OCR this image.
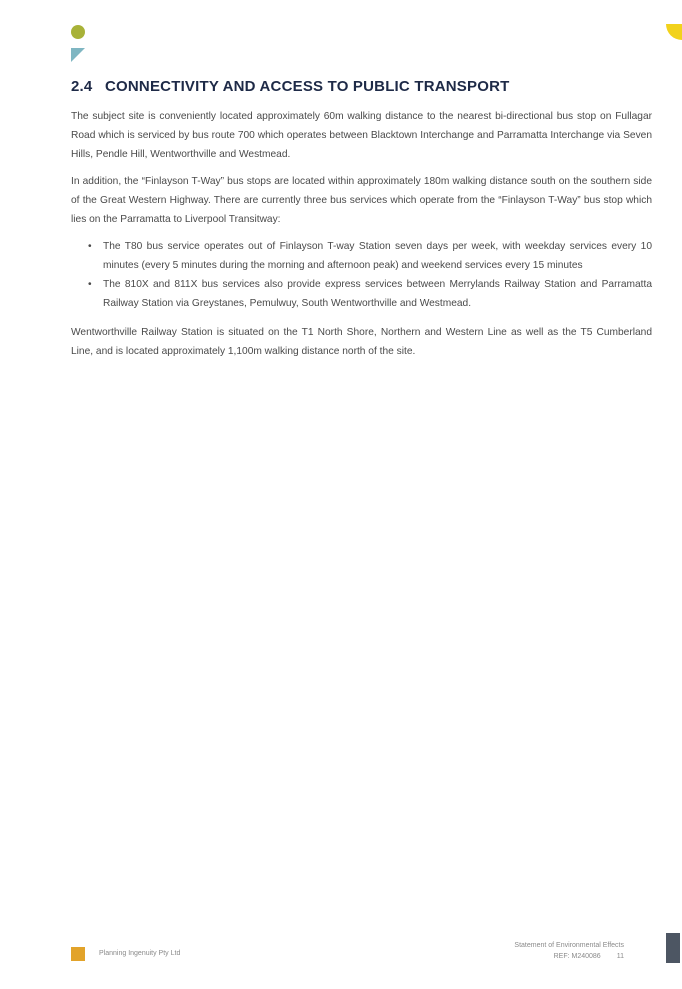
2.4 CONNECTIVITY AND ACCESS TO PUBLIC TRANSPORT

The subject site is conveniently located approximately 60m walking distance to the nearest bi-directional bus stop on Fullagar Road which is serviced by bus route 700 which operates between Blacktown Interchange and Parramatta Interchange via Seven Hills, Pendle Hill, Wentworthville and Westmead.

In addition, the “Finlayson T-Way” bus stops are located within approximately 180m walking distance south on the southern side of the Great Western Highway. There are currently three bus services which operate from the “Finlayson T-Way” bus stop which lies on the Parramatta to Liverpool Transitway:

• The T80 bus service operates out of Finlayson T-way Station seven days per week, with weekday services every 10 minutes (every 5 minutes during the morning and afternoon peak) and weekend services every 15 minutes
• The 810X and 811X bus services also provide express services between Merrylands Railway Station and Parramatta Railway Station via Greystanes, Pemulwuy, South Wentworthville and Westmead.

Wentworthville Railway Station is situated on the T1 North Shore, Northern and Western Line as well as the T5 Cumberland Line, and is located approximately 1,100m walking distance north of the site.

Planning Ingenuity Pty Ltd
Statement of Environmental Effects
REF: M240086 11
